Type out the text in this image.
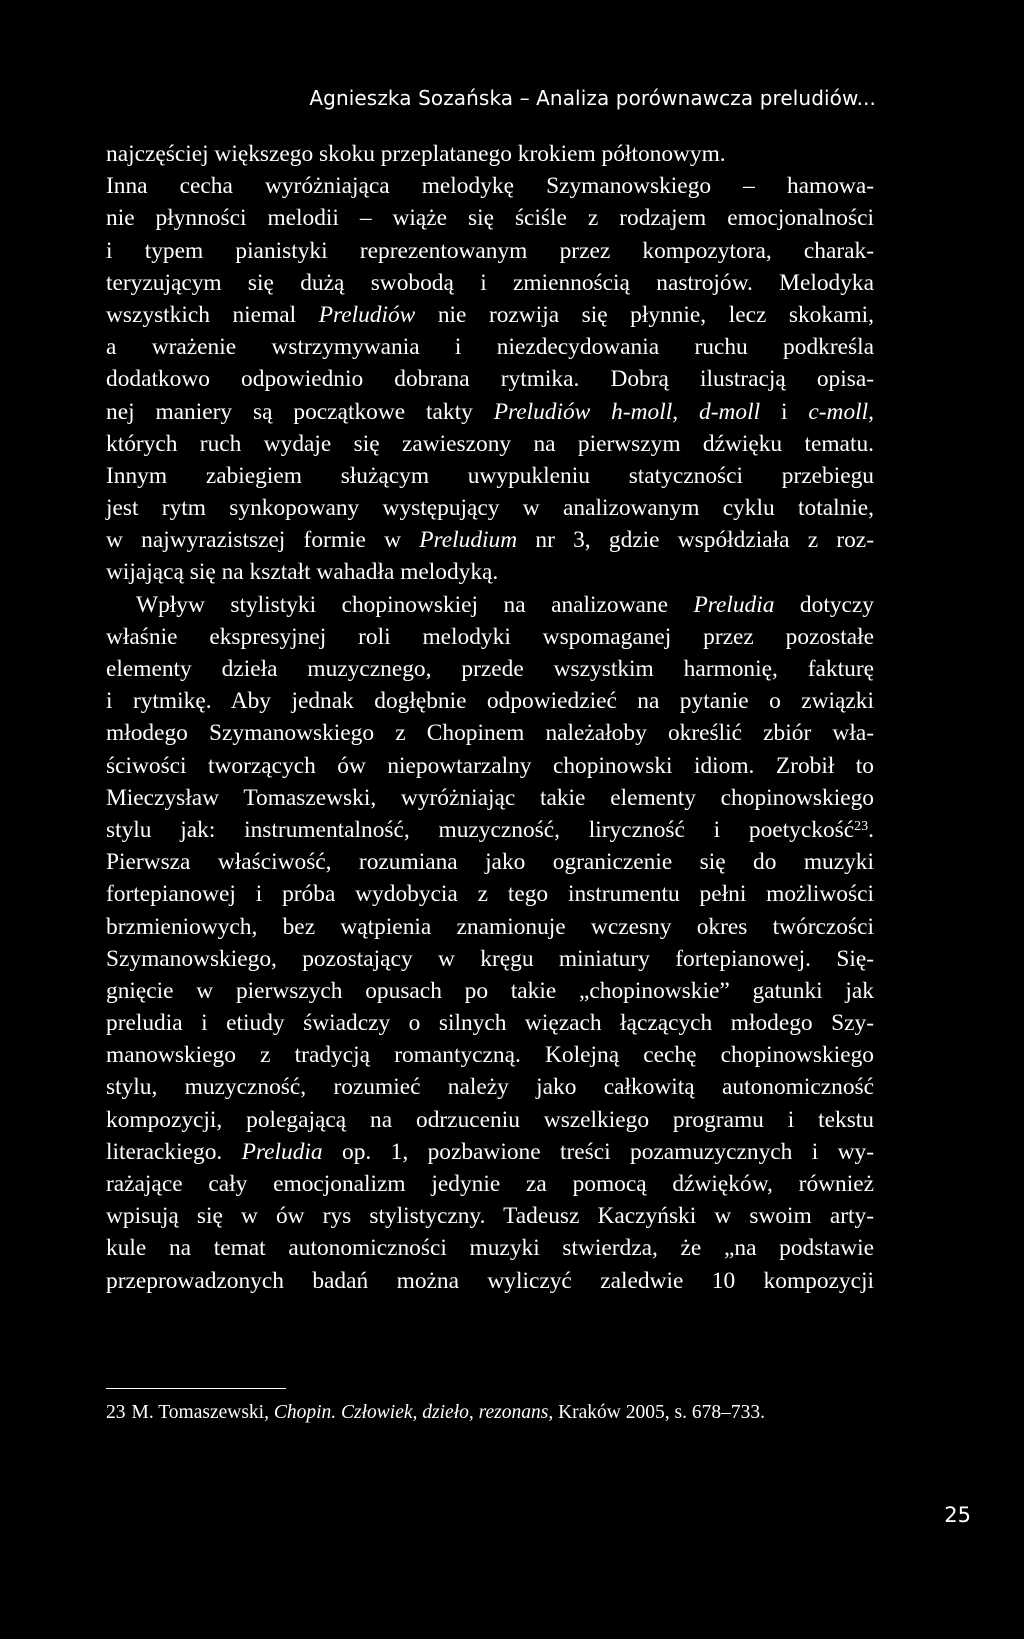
Agnieszka Sozańska – Analiza porównawcza preludiów...
najczęściej większego skoku przeplatanego krokiem półtonowym.
Inna cecha wyróżniająca melodykę Szymanowskiego – hamowa-
nie płynności melodii – wiąże się ściśle z rodzajem emocjonalności
i typem pianistyki reprezentowanym przez kompozytora, charak-
teryzującym się dużą swobodą i zmiennością nastrojów. Melodyka
wszystkich niemal Preludiów nie rozwija się płynnie, lecz skokami,
a wrażenie wstrzymywania i niezdecydowania ruchu podkreśla
dodatkowo odpowiednio dobrana rytmika. Dobrą ilustracją opisa-
nej maniery są początkowe takty Preludiów h-moll, d-moll i c-moll,
których ruch wydaje się zawieszony na pierwszym dźwięku tematu.
Innym zabiegiem służącym uwypukleniu statyczności przebiegu
jest rytm synkopowany występujący w analizowanym cyklu totalnie,
w najwyrazistszej formie w Preludium nr 3, gdzie współdziała z roz-
wijającą się na kształt wahadła melodyką.
Wpływ stylistyki chopinowskiej na analizowane Preludia dotyczy
właśnie ekspresyjnej roli melodyki wspomaganej przez pozostałe
elementy dzieła muzycznego, przede wszystkim harmonię, fakturę
i rytmikę. Aby jednak dogłębnie odpowiedzieć na pytanie o związki
młodego Szymanowskiego z Chopinem należałoby określić zbiór wła-
ściwości tworzących ów niepowtarzalny chopinowski idiom. Zrobił to
Mieczysław Tomaszewski, wyróżniając takie elementy chopinowskiego
stylu jak: instrumentalność, muzyczność, liryczność i poetyckość$^{23}$.
Pierwsza właściwość, rozumiana jako ograniczenie się do muzyki
fortepianowej i próba wydobycia z tego instrumentu pełni możliwości
brzmieniowych, bez wątpienia znamionuje wczesny okres twórczości
Szymanowskiego, pozostający w kręgu miniatury fortepianowej. Się-
gnięcie w pierwszych opusach po takie „chopinowskie” gatunki jak
preludia i etiudy świadczy o silnych więzach łączących młodego Szy-
manowskiego z tradycją romantyczną. Kolejną cechę chopinowskiego
stylu, muzyczność, rozumieć należy jako całkowitą autonomiczność
kompozycji, polegającą na odrzuceniu wszelkiego programu i tekstu
literackiego. Preludia op. 1, pozbawione treści pozamuzycznych i wy-
rażające cały emocjonalizm jedynie za pomocą dźwięków, również
wpisują się w ów rys stylistyczny. Tadeusz Kaczyński w swoim arty-
kule na temat autonomiczności muzyki stwierdza, że „na podstawie
przeprowadzonych badań można wyliczyć zaledwie 10 kompozycji
23 M. Tomaszewski, Chopin. Człowiek, dzieło, rezonans, Kraków 2005, s. 678–733.
25
